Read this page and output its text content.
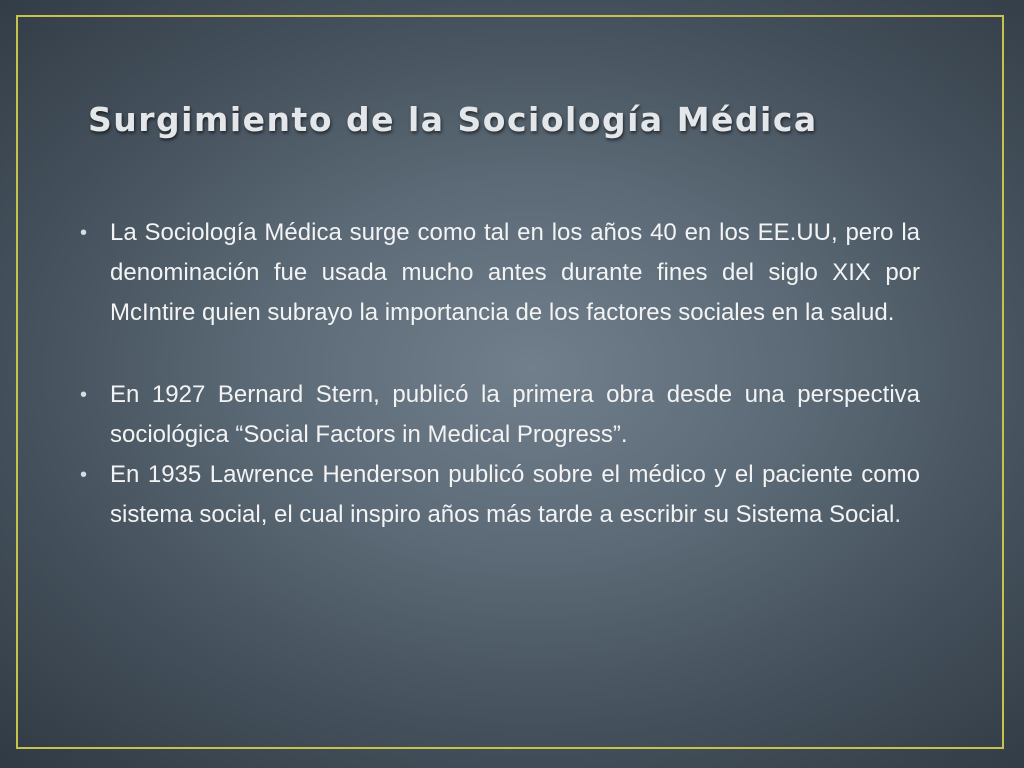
Surgimiento de la Sociología Médica
• La Sociología Médica surge como tal en los años 40 en los EE.UU, pero la denominación fue usada mucho antes durante fines del siglo XIX por McIntire quien subrayo la importancia de los factores sociales en la salud.
• En 1927 Bernard Stern, publicó la primera obra desde una perspectiva sociológica “Social Factors in Medical Progress”.
• En 1935 Lawrence Henderson publicó sobre el médico y el paciente como sistema social, el cual inspiro años más tarde a escribir su Sistema Social.
